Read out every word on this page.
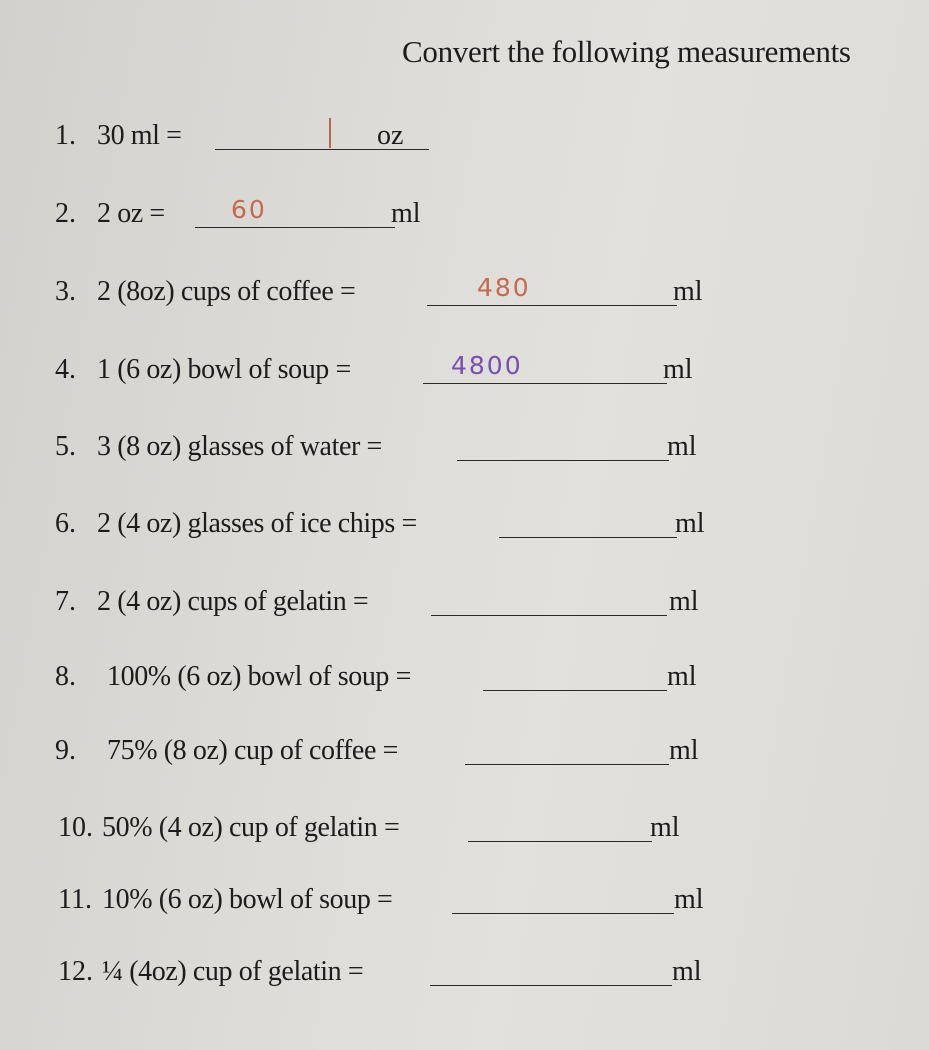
Convert the following measurements
1. 30 ml =	oz
2. 2 oz =	60	ml
3. 2 (8oz) cups of coffee =	480	ml
4. 1 (6 oz) bowl of soup =	4800	ml
5. 3 (8 oz) glasses of water =	ml
6. 2 (4 oz) glasses of ice chips =	ml
7. 2 (4 oz) cups of gelatin =	ml
8. 100% (6 oz) bowl of soup =	ml
9. 75% (8 oz) cup of coffee =	ml
10. 50% (4 oz) cup of gelatin =	ml
11. 10% (6 oz) bowl of soup =	ml
12. ¼ (4oz) cup of gelatin =	ml
